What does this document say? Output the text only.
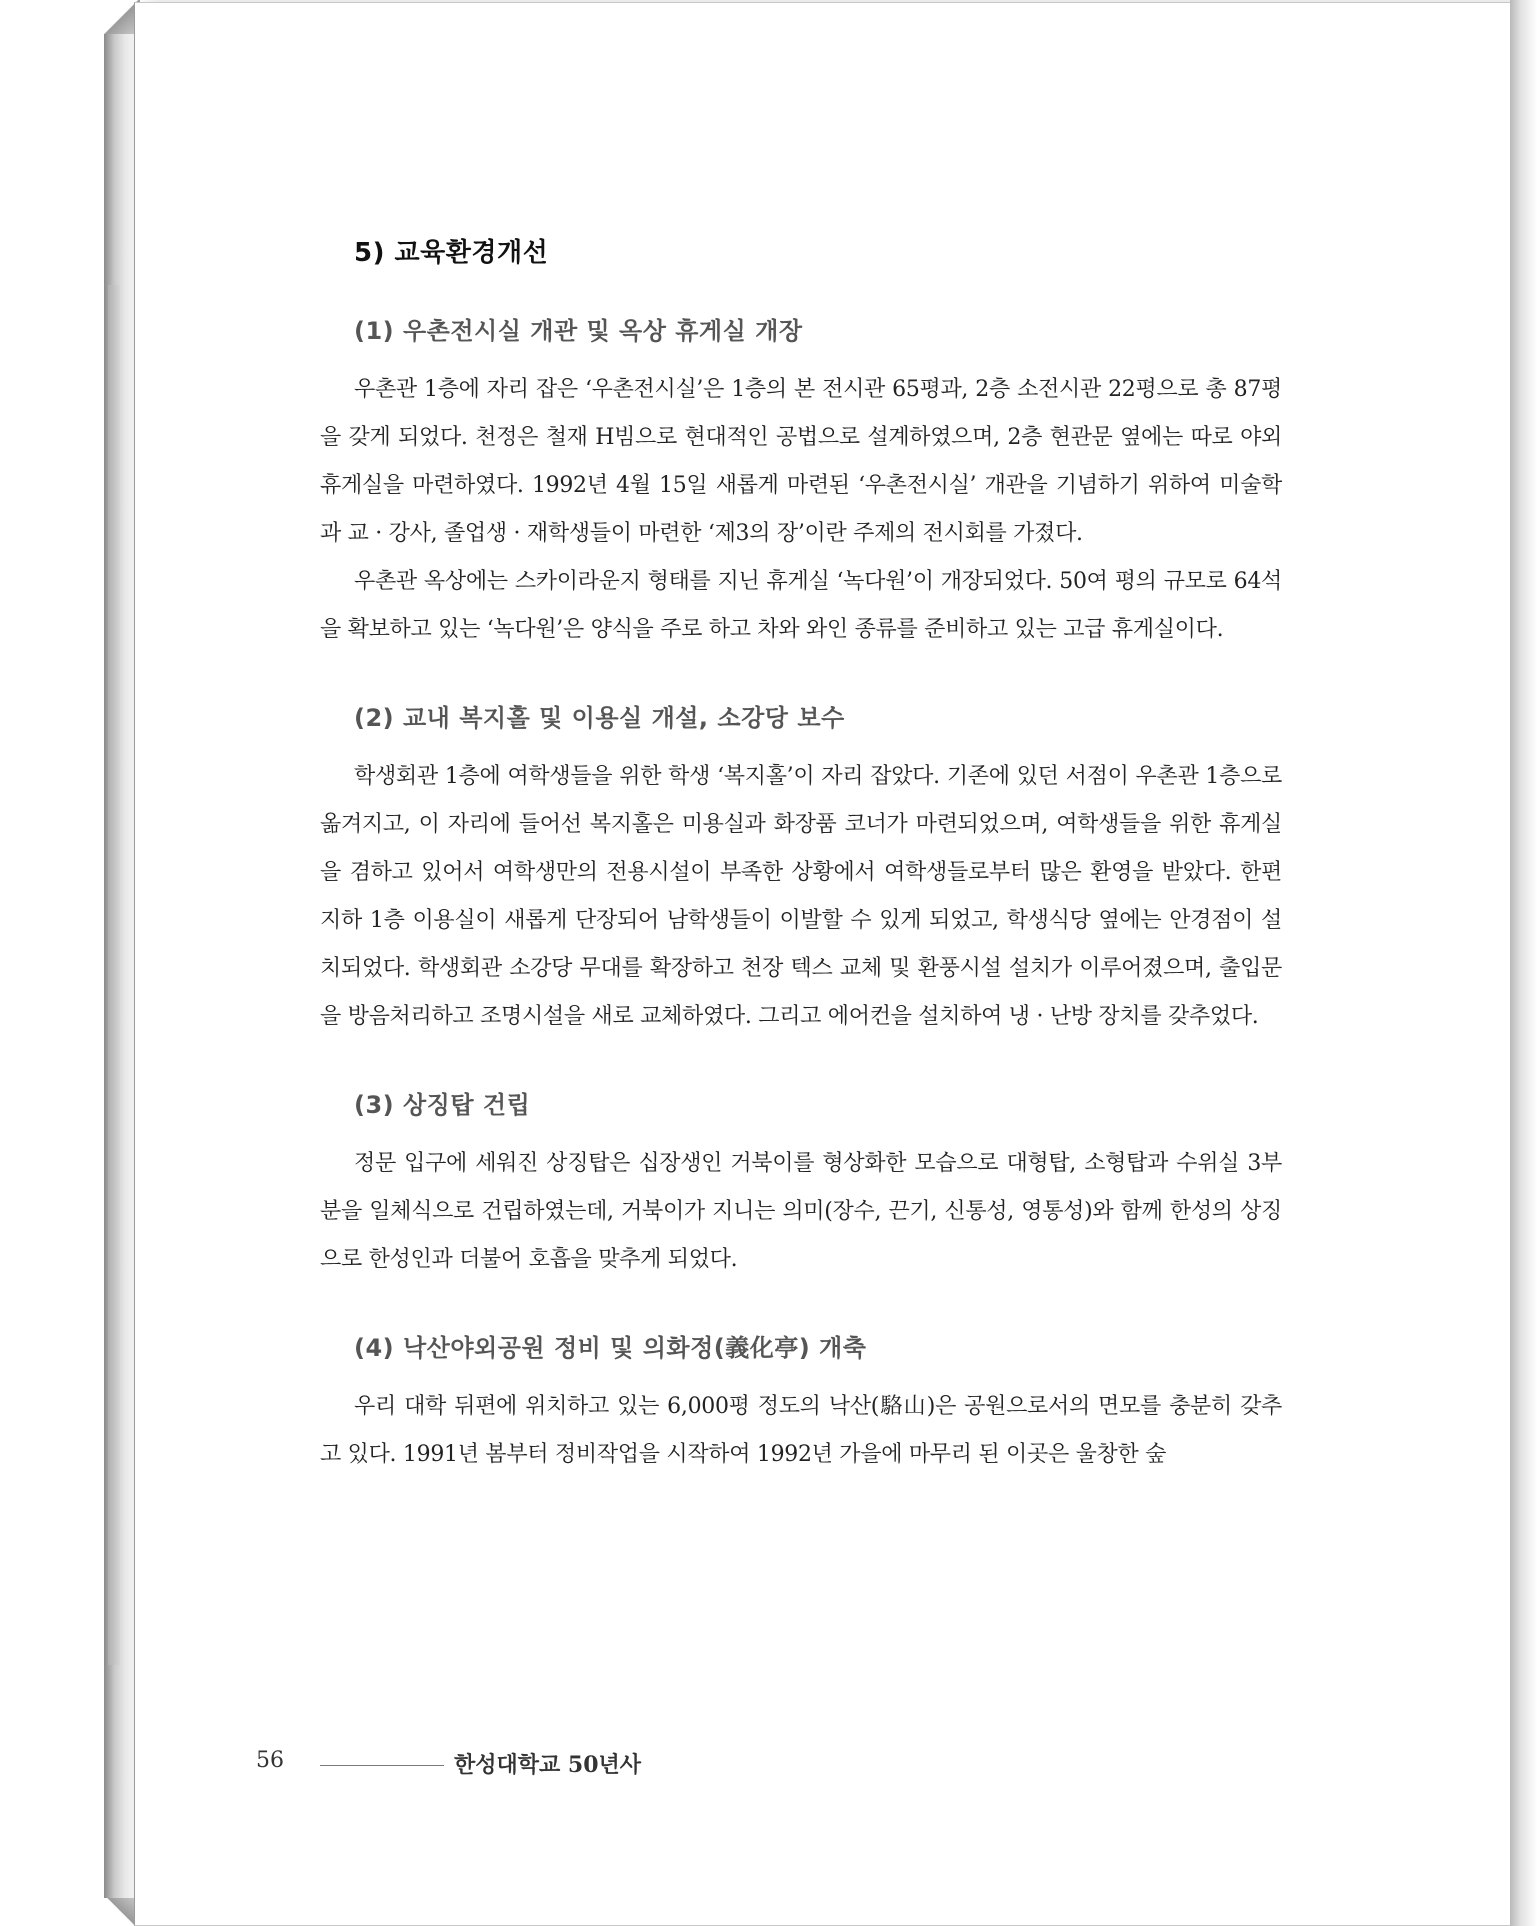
5) 교육환경개선
(1) 우촌전시실 개관 및 옥상 휴게실 개장

우촌관 1층에 자리 잡은 ‘우촌전시실’은 1층의 본 전시관 65평과, 2층 소전시관 22평으로 총 87평을 갖게 되었다. 천정은 철재 H빔으로 현대적인 공법으로 설계하였으며, 2층 현관문 옆에는 따로 야외 휴게실을 마련하였다. 1992년 4월 15일 새롭게 마련된 ‘우촌전시실’ 개관을 기념하기 위하여 미술학과 교 · 강사, 졸업생 · 재학생들이 마련한 ‘제3의 장’이란 주제의 전시회를 가졌다.

우촌관 옥상에는 스카이라운지 형태를 지닌 휴게실 ‘녹다원’이 개장되었다. 50여 평의 규모로 64석을 확보하고 있는 ‘녹다원’은 양식을 주로 하고 차와 와인 종류를 준비하고 있는 고급 휴게실이다.

(2) 교내 복지홀 및 이용실 개설, 소강당 보수

학생회관 1층에 여학생들을 위한 학생 ‘복지홀’이 자리 잡았다. 기존에 있던 서점이 우촌관 1층으로 옮겨지고, 이 자리에 들어선 복지홀은 미용실과 화장품 코너가 마련되었으며, 여학생들을 위한 휴게실을 겸하고 있어서 여학생만의 전용시설이 부족한 상황에서 여학생들로부터 많은 환영을 받았다. 한편 지하 1층 이용실이 새롭게 단장되어 남학생들이 이발할 수 있게 되었고, 학생식당 옆에는 안경점이 설치되었다. 학생회관 소강당 무대를 확장하고 천장 텍스 교체 및 환풍시설 설치가 이루어졌으며, 출입문을 방음처리하고 조명시설을 새로 교체하였다. 그리고 에어컨을 설치하여 냉 · 난방 장치를 갖추었다.

(3) 상징탑 건립

정문 입구에 세워진 상징탑은 십장생인 거북이를 형상화한 모습으로 대형탑, 소형탑과 수위실 3부분을 일체식으로 건립하였는데, 거북이가 지니는 의미(장수, 끈기, 신통성, 영통성)와 함께 한성의 상징으로 한성인과 더불어 호흡을 맞추게 되었다.

(4) 낙산야외공원 정비 및 의화정(義化亭) 개축

우리 대학 뒤편에 위치하고 있는 6,000평 정도의 낙산(駱山)은 공원으로서의 면모를 충분히 갖추고 있다. 1991년 봄부터 정비작업을 시작하여 1992년 가을에 마무리 된 이곳은 울창한 숲

56	한성대학교 50년사
